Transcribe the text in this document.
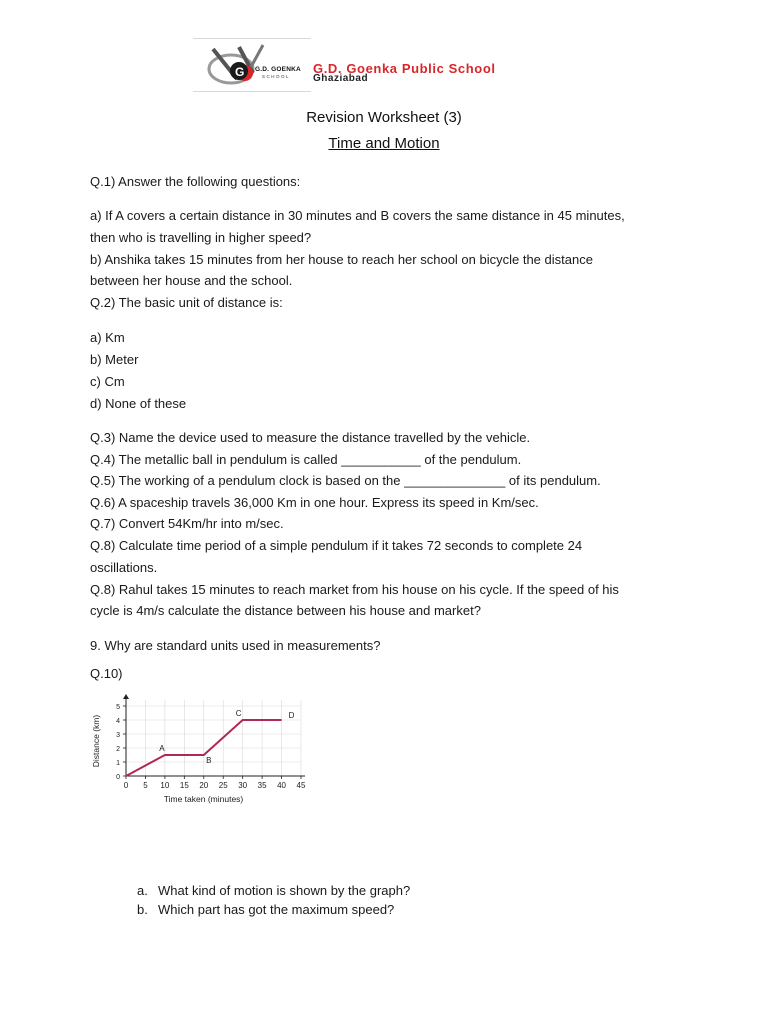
G G.D. GOENKA
SCHOOL
G.D. Goenka Public School
Ghaziabad
Revision Worksheet (3)
Time and Motion
Q.1) Answer the following questions:
a) If A covers a certain distance in 30 minutes and B covers the same distance in 45 minutes,
then who is travelling in higher speed?
b) Anshika takes 15 minutes from her house to reach her school on bicycle the distance
between her house and the school.
Q.2) The basic unit of distance is:
a) Km
b) Meter
c) Cm
d) None of these
Q.3) Name the device used to measure the distance travelled by the vehicle.
Q.4) The metallic ball in pendulum is called ___________ of the pendulum.
Q.5) The working of a pendulum clock is based on the ______________ of its pendulum.
Q.6) A spaceship travels 36,000 Km in one hour. Express its speed in Km/sec.
Q.7) Convert 54Km/hr into m/sec.
Q.8) Calculate time period of a simple pendulum if it takes 72 seconds to complete 24
oscillations.
Q.8) Rahul takes 15 minutes to reach market from his house on his cycle. If the speed of his
cycle is 4m/s calculate the distance between his house and market?
9. Why are standard units used in measurements?
Q.10)
0 5 10 15 20 25 30 35 40 45
0
1
2
3
4
5
Time taken (minutes)
Distance (km)	A
B
C	D
a. What kind of motion is shown by the graph?
b. Which part has got the maximum speed?
